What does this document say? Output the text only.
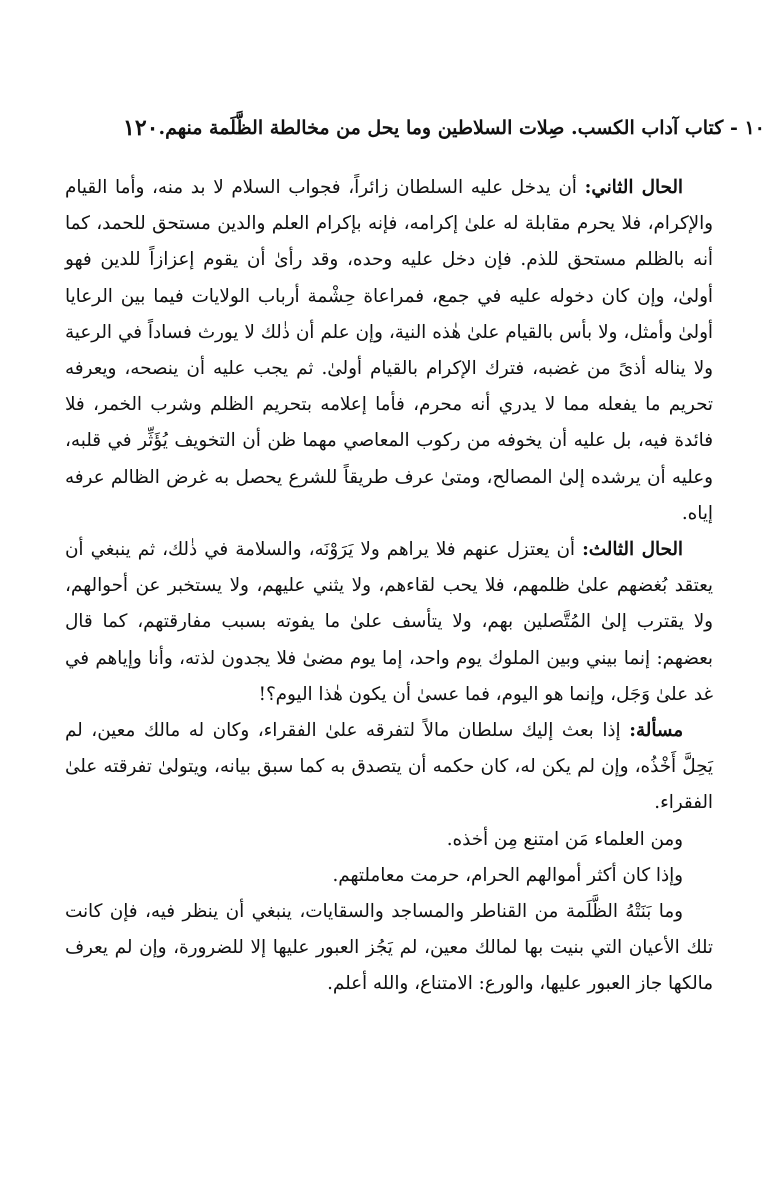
١٢٠ ١٠ - كتاب آداب الكسب. صِلات السلاطين وما يحل من مخالطة الظَّلَمة منهم.

الحال الثاني: أن يدخل عليه السلطان زائراً، فجواب السلام لا بد منه، وأما القيام والإكرام، فلا يحرم مقابلة له علىٰ إكرامه، فإنه بإكرام العلم والدين مستحق للحمد، كما أنه بالظلم مستحق للذم. فإن دخل عليه وحده، وقد رأىٰ أن يقوم إعزازاً للدين فهو أولىٰ، وإن كان دخوله عليه في جمع، فمراعاة حِشْمة أرباب الولايات فيما بين الرعايا أولىٰ وأمثل، ولا بأس بالقيام علىٰ هٰذه النية، وإن علم أن ذٰلك لا يورث فساداً في الرعية ولا يناله أذىً من غضبه، فترك الإكرام بالقيام أولىٰ. ثم يجب عليه أن ينصحه، ويعرفه تحريم ما يفعله مما لا يدري أنه محرم، فأما إعلامه بتحريم الظلم وشرب الخمر، فلا فائدة فيه، بل عليه أن يخوفه من ركوب المعاصي مهما ظن أن التخويف يُؤَثِّر في قلبه، وعليه أن يرشده إلىٰ المصالح، ومتىٰ عرف طريقاً للشرع يحصل به غرض الظالم عرفه إياه.

الحال الثالث: أن يعتزل عنهم فلا يراهم ولا يَرَوْنَه، والسلامة في ذٰلك، ثم ينبغي أن يعتقد بُغضهم علىٰ ظلمهم، فلا يحب لقاءهم، ولا يثني عليهم، ولا يستخبر عن أحوالهم، ولا يقترب إلىٰ المُتَّصلين بهم، ولا يتأسف علىٰ ما يفوته بسبب مفارقتهم، كما قال بعضهم: إنما بيني وبين الملوك يوم واحد، إما يوم مضىٰ فلا يجدون لذته، وأنا وإياهم في غد علىٰ وَجَل، وإنما هو اليوم، فما عسىٰ أن يكون هٰذا اليوم؟!

مسألة: إذا بعث إليك سلطان مالاً لتفرقه علىٰ الفقراء، وكان له مالك معين، لم يَحِلَّ أَخْذُه، وإن لم يكن له، كان حكمه أن يتصدق به كما سبق بيانه، ويتولىٰ تفرقته علىٰ الفقراء.

ومن العلماء مَن امتنع مِن أخذه.

وإذا كان أكثر أموالهم الحرام، حرمت معاملتهم.

وما بَنَتْهُ الظَّلَمة من القناطر والمساجد والسقايات، ينبغي أن ينظر فيه، فإن كانت تلك الأعيان التي بنيت بها لمالك معين، لم يَجُز العبور عليها إلا للضرورة، وإن لم يعرف مالكها جاز العبور عليها، والورع: الامتناع، والله أعلم.
